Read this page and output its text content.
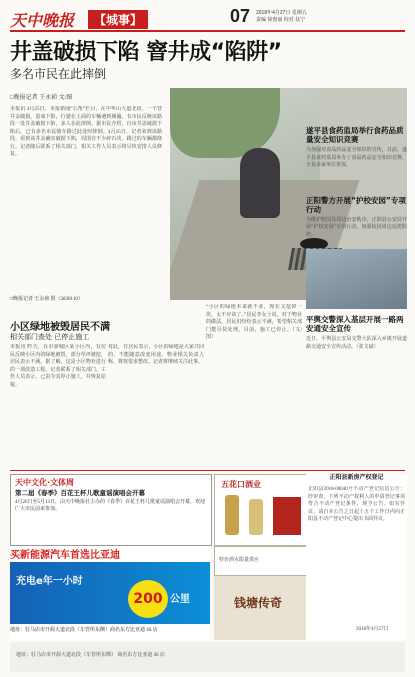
天中晚报	【城事】	07 2018年4月27日 星期五
责编 徐惠丽 校对 扶宁
井盖破损下陷 窨井成“陷阱”
多名市民在此摔倒
□晚报记者 王永祯 文/图
本报讯 4月25日，本报新闻“公帮”栏目，在中华山大道北段，一个窨井盖破损，造成下陷，行驶在上面的车辆遇到颠簸。有市民反映该路段一处井盖破损下陷，多人在此摔倒。据市民介绍，自该井盖破损下陷后，已有多名市民骑车路过此处时摔倒。4月25日，记者来到该路段，看到该井盖确实破损下陷，周围有不少碎石块，路过的车辆都绕行。记者随后联系了相关部门，相关工作人员表示将尽快安排人员修复。
□晚报记者 王永祯 摄（2830110）
小区绿地被毁居民不满
相关部门查处 已停止施工
本报讯 昨天，在市驿城区某小区内，有居民反映小区内的绿地被毁，部分草坪被挖，居民表示不满。据了解，这是小区物业进行的一项改造工程。记者联系了相关部门，工作人员表示，已责令其停止施工，并恢复原貌。
对此，有居民表示，小区的绿地是大家共同的，不能随意改变用途。物业相关负责人称，将按要求整改。记者将继续关注此事。
“小区的绿地本来就不多，现在又挖掉一块，太不应该了。”居民李女士说。对于物业的做法，居民们纷纷表示不满，希望相关部门能尽快处理。目前，施工已停止。（文/图）
遂平县食药监局举行食药品质量安全知识竞赛
为加强对食品药品安全知识的宣传，日前，遂平县食药监局举办了食品药品安全知识竞赛，全县多家单位参加。
正阳警方开展“护校安园”专项行动
为维护校园及周边治安秩序，正阳县公安局开展“护校安园”专项行动，加强校园周边巡逻防控。
平舆交警深入基层开展一路两安通安全宣传
近日，平舆县公安局交警大队深入乡镇开展道路交通安全宣传活动。（张文斌）
天中文化·文体周
第二届《春季》百花王杯儿歌童谣演唱会开幕
4月26日至5月13日，由天中晚报社主办的《春季》百花王杯儿歌童谣演唱会开幕，欢迎广大市民前来参加。
买新能源汽车首选比亚迪
充电e年一小时
200 公里
地址：驻马店市开源大道北段（车管所东侧）商名东方比亚迪 4S 店
五花口酒业
特价酒水限量供应
钱塘传奇
正阳县新房产权登记
正阳县2018-00040号不动产登记信息公告：经审查，下列不动产权利人的申请登记事项符合不动产登记条件，现予公告。如有异议，请自本公告之日起十五个工作日内向正阳县不动产登记中心提出书面异议。
2018年4月27日
地址：驻马店市开源大道北段（车管所东侧） 商名东方比亚迪 4S 店
